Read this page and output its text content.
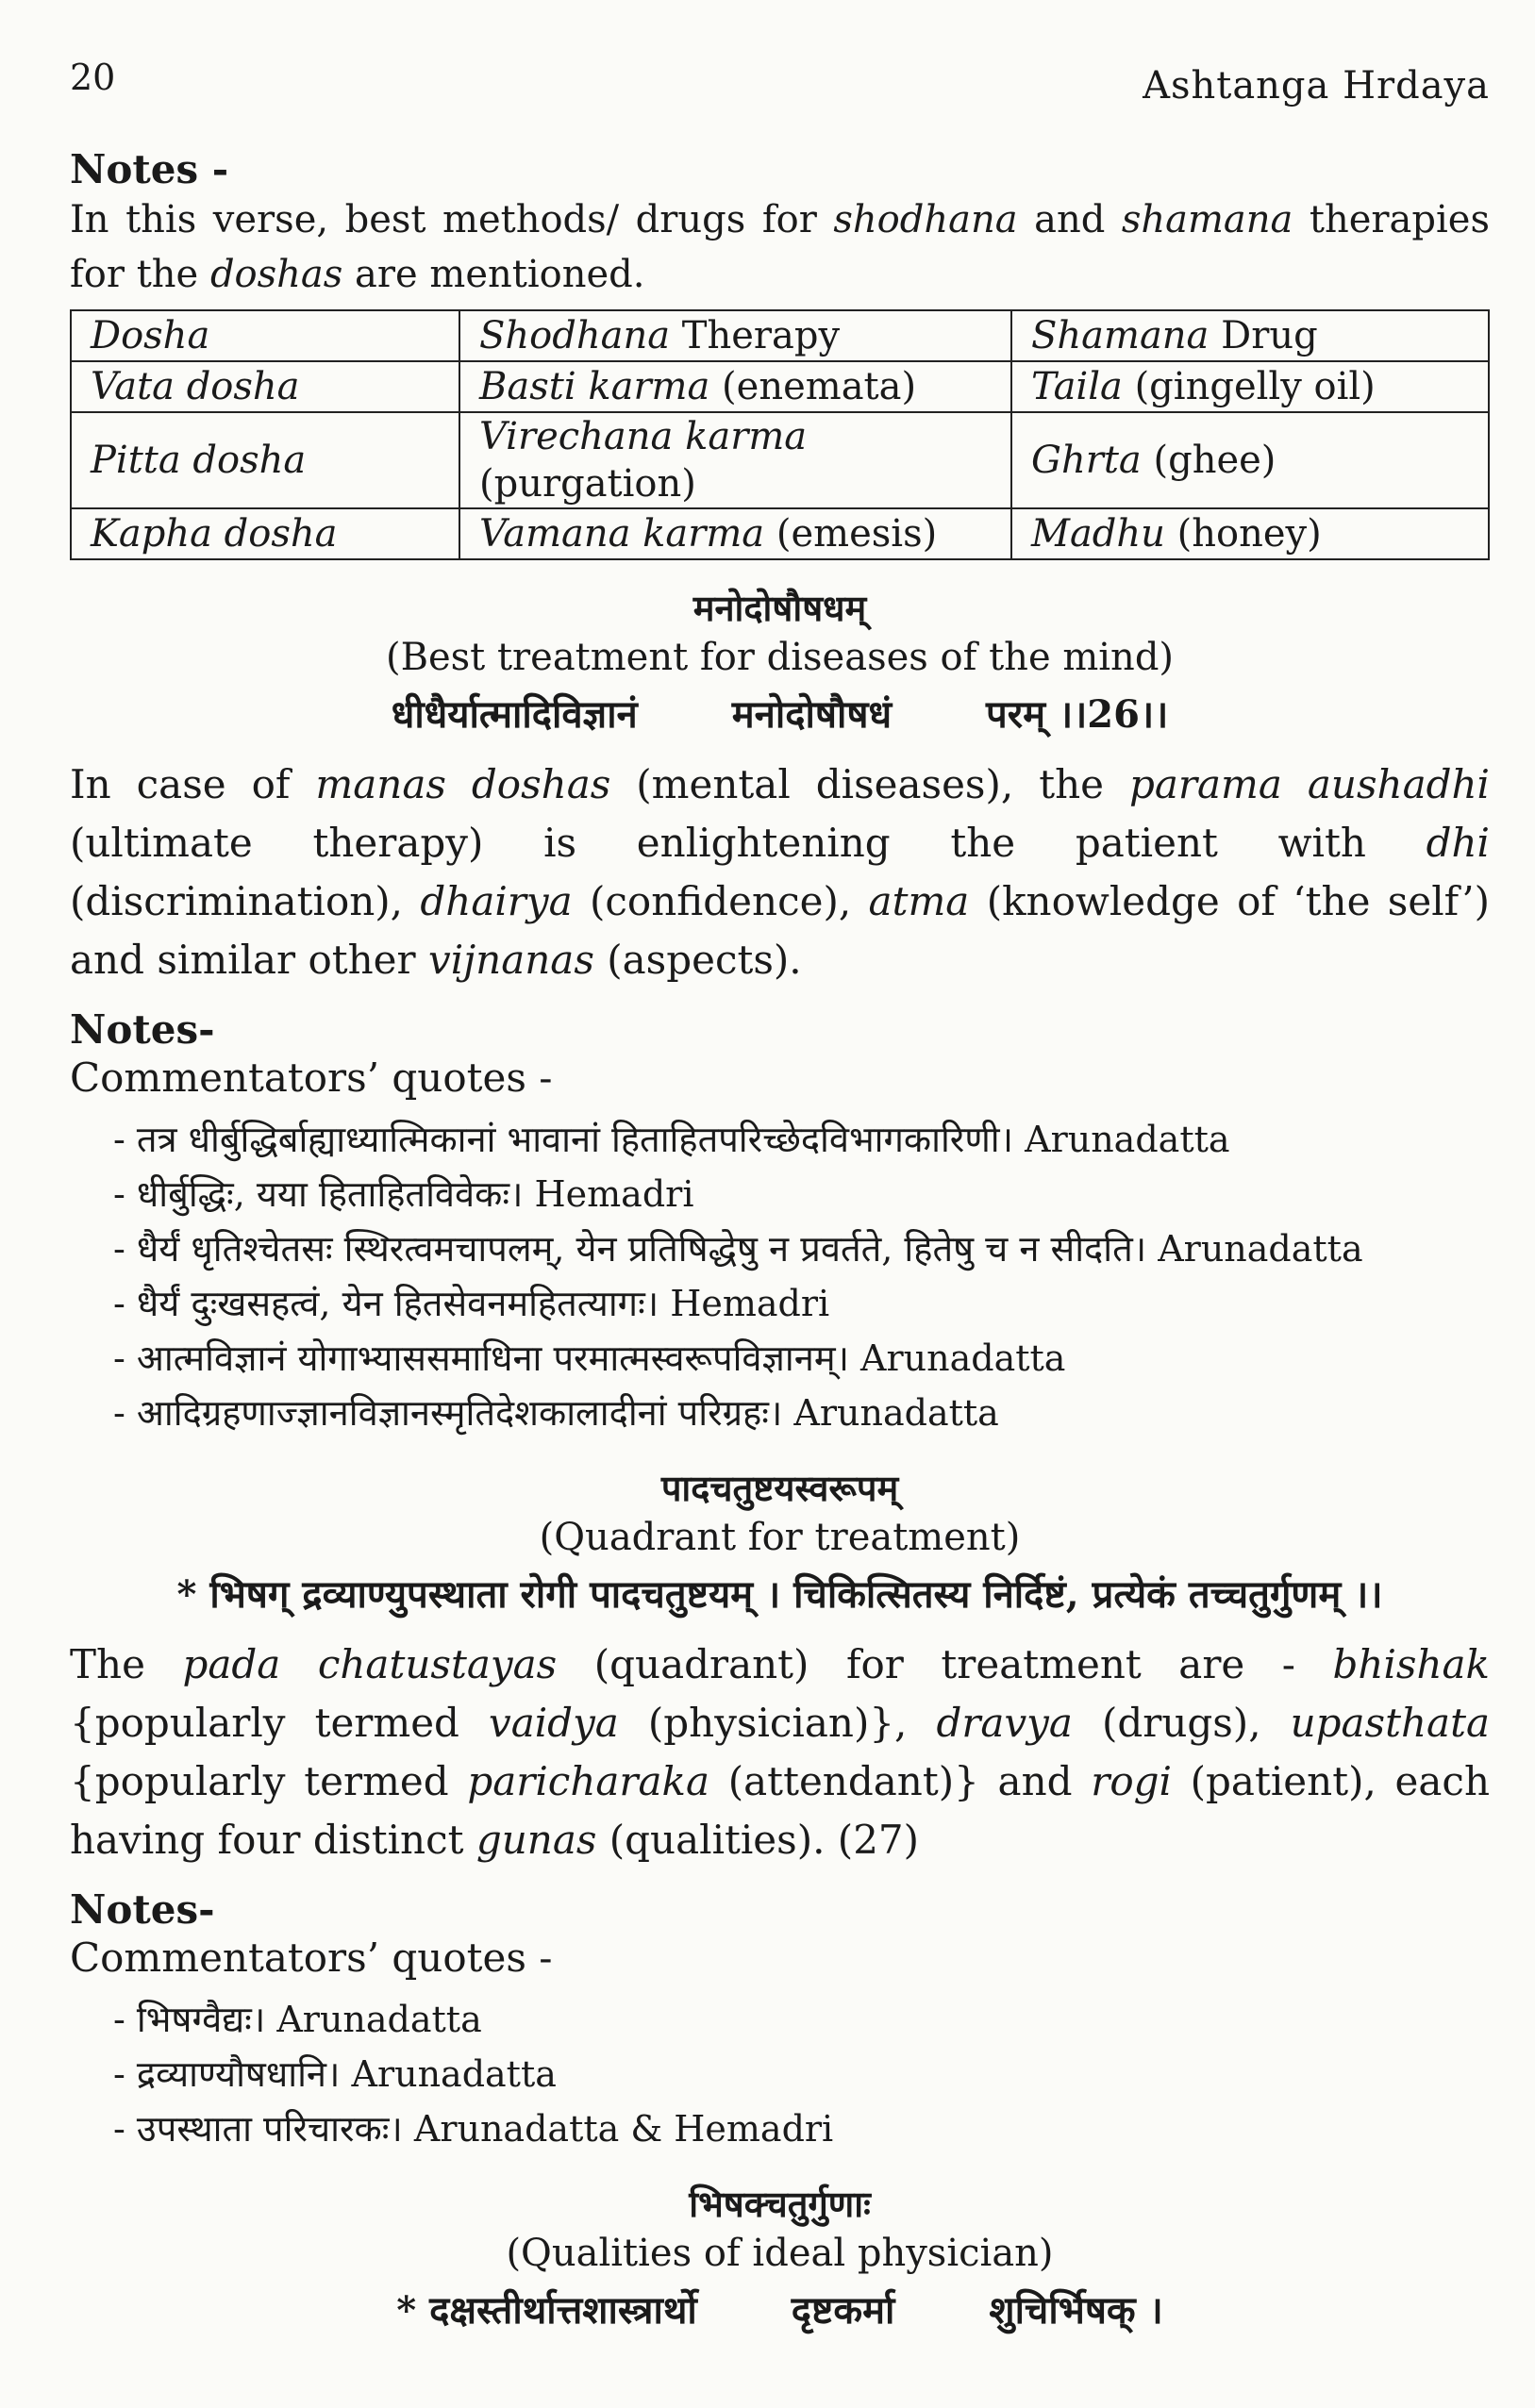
20	Ashtanga Hrdaya

Notes -

In this verse, best methods/ drugs for shodhana and shamana therapies for the doshas are mentioned.

Dosha	Shodhana Therapy	Shamana Drug
Vata dosha	Basti karma (enemata)	Taila (gingelly oil)
Pitta dosha	Virechana karma (purgation)	Ghrta (ghee)
Kapha dosha	Vamana karma (emesis)	Madhu (honey)

मनोदोषौषधम्

(Best treatment for diseases of the mind)

धीधैर्यात्मादिविज्ञानं	मनोदोषौषधं	परम् ।।26।।

In case of manas doshas (mental diseases), the parama aushadhi (ultimate therapy) is enlightening the patient with dhi (discrimination), dhairya (confidence), atma (knowledge of ‘the self’) and similar other vijnanas (aspects).

Notes-

Commentators’ quotes -

- तत्र धीर्बुद्धिर्बाह्याध्यात्मिकानां भावानां हिताहितपरिच्छेदविभागकारिणी। Arunadatta
- धीर्बुद्धिः, यया हिताहितविवेकः। Hemadri
- धैर्यं धृतिश्चेतसः स्थिरत्वमचापलम्, येन प्रतिषिद्धेषु न प्रवर्तते, हितेषु च न सीदति। Arunadatta
- धैर्यं दुःखसहत्वं, येन हितसेवनमहितत्यागः। Hemadri
- आत्मविज्ञानं योगाभ्याससमाधिना परमात्मस्वरूपविज्ञानम्। Arunadatta
- आदिग्रहणाज्ज्ञानविज्ञानस्मृतिदेशकालादीनां परिग्रहः। Arunadatta

पादचतुष्टयस्वरूपम्

(Quadrant for treatment)

* भिषग् द्रव्याण्युपस्थाता रोगी पादचतुष्टयम् । चिकित्सितस्य निर्दिष्टं, प्रत्येकं तच्चतुर्गुणम् ।।

The pada chatustayas (quadrant) for treatment are - bhishak {popularly termed vaidya (physician)}, dravya (drugs), upasthata {popularly termed paricharaka (attendant)} and rogi (patient), each having four distinct gunas (qualities). (27)

Notes-

Commentators’ quotes -

- भिषग्वैद्यः। Arunadatta
- द्रव्याण्यौषधानि। Arunadatta
- उपस्थाता परिचारकः। Arunadatta & Hemadri

भिषक्चतुर्गुणाः

(Qualities of ideal physician)

* दक्षस्तीर्थात्तशास्त्रार्थो	दृष्टकर्मा	शुचिर्भिषक् ।
